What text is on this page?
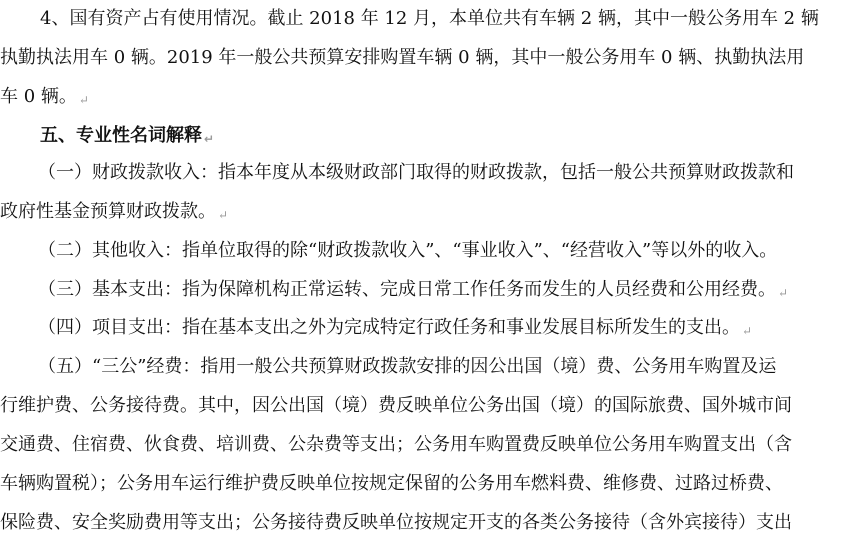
4、国有资产占有使用情况。截止 2018 年 12 月，本单位共有车辆 2 辆，其中一般公务用车 2 辆
执勤执法用车 0 辆。2019 年一般公共预算安排购置车辆 0 辆，其中一般公务用车 0 辆、执勤执法用
车 0 辆。 ↵
五、专业性名词解释 ↵
（一）财政拨款收入：指本年度从本级财政部门取得的财政拨款，包括一般公共预算财政拨款和
政府性基金预算财政拨款。 ↵
（二）其他收入：指单位取得的除“财政拨款收入”、“事业收入”、“经营收入”等以外的收入。
（三）基本支出：指为保障机构正常运转、完成日常工作任务而发生的人员经费和公用经费。 ↵
（四）项目支出：指在基本支出之外为完成特定行政任务和事业发展目标所发生的支出。 ↵
（五）“三公”经费：指用一般公共预算财政拨款安排的因公出国（境）费、公务用车购置及运
行维护费、公务接待费。其中，因公出国（境）费反映单位公务出国（境）的国际旅费、国外城市间
交通费、住宿费、伙食费、培训费、公杂费等支出；公务用车购置费反映单位公务用车购置支出（含
车辆购置税）；公务用车运行维护费反映单位按规定保留的公务用车燃料费、维修费、过路过桥费、
保险费、安全奖励费用等支出；公务接待费反映单位按规定开支的各类公务接待（含外宾接待）支出
